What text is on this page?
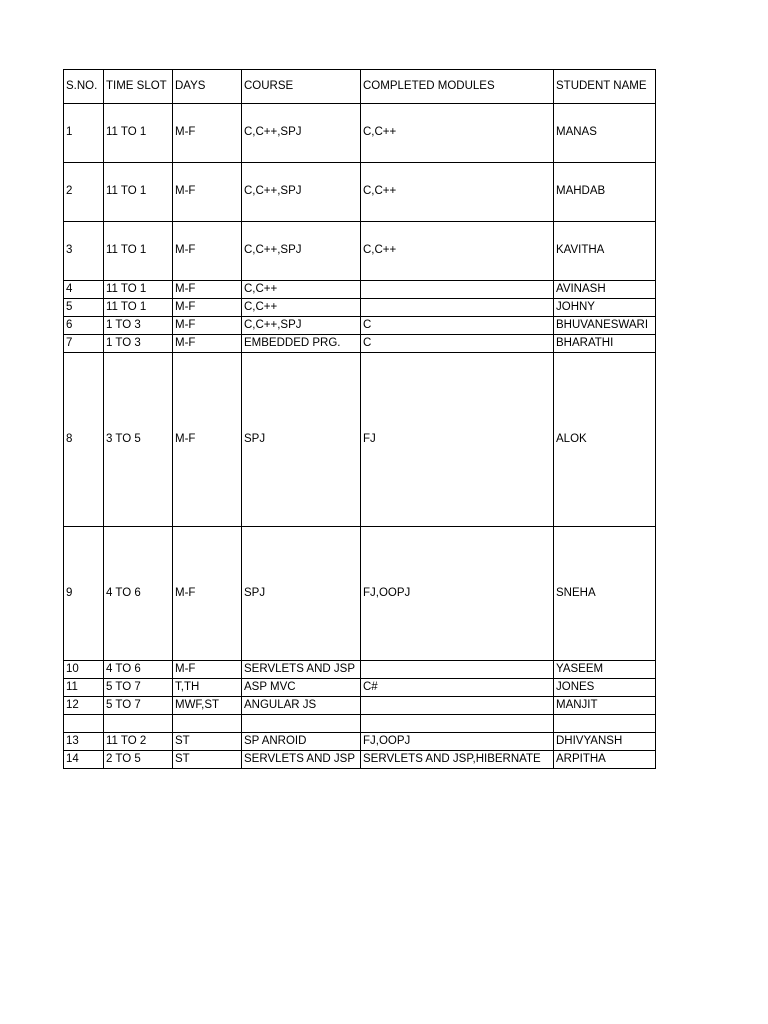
S.NO.	TIME SLOT	DAYS	COURSE	COMPLETED MODULES	STUDENT NAME
1	11 TO 1	M-F	C,C++,SPJ	C,C++	MANAS
2	11 TO 1	M-F	C,C++,SPJ	C,C++	MAHDAB
3	11 TO 1	M-F	C,C++,SPJ	C,C++	KAVITHA
4	11 TO 1	M-F	C,C++		AVINASH
5	11 TO 1	M-F	C,C++		JOHNY
6	1 TO 3	M-F	C,C++,SPJ	C	BHUVANESWARI
7	1 TO 3	M-F	EMBEDDED PRG.	C	BHARATHI
8	3 TO 5	M-F	SPJ	FJ	ALOK
9	4 TO 6	M-F	SPJ	FJ,OOPJ	SNEHA
10	4 TO 6	M-F	SERVLETS AND JSP		YASEEM
11	5 TO 7	T,TH	ASP MVC	C#	JONES
12	5 TO 7	MWF,ST	ANGULAR JS		MANJIT

13	11 TO 2	ST	SP ANROID	FJ,OOPJ	DHIVYANSH
14	2 TO 5	ST	SERVLETS AND JSP	SERVLETS AND JSP,HIBERNATE	ARPITHA
